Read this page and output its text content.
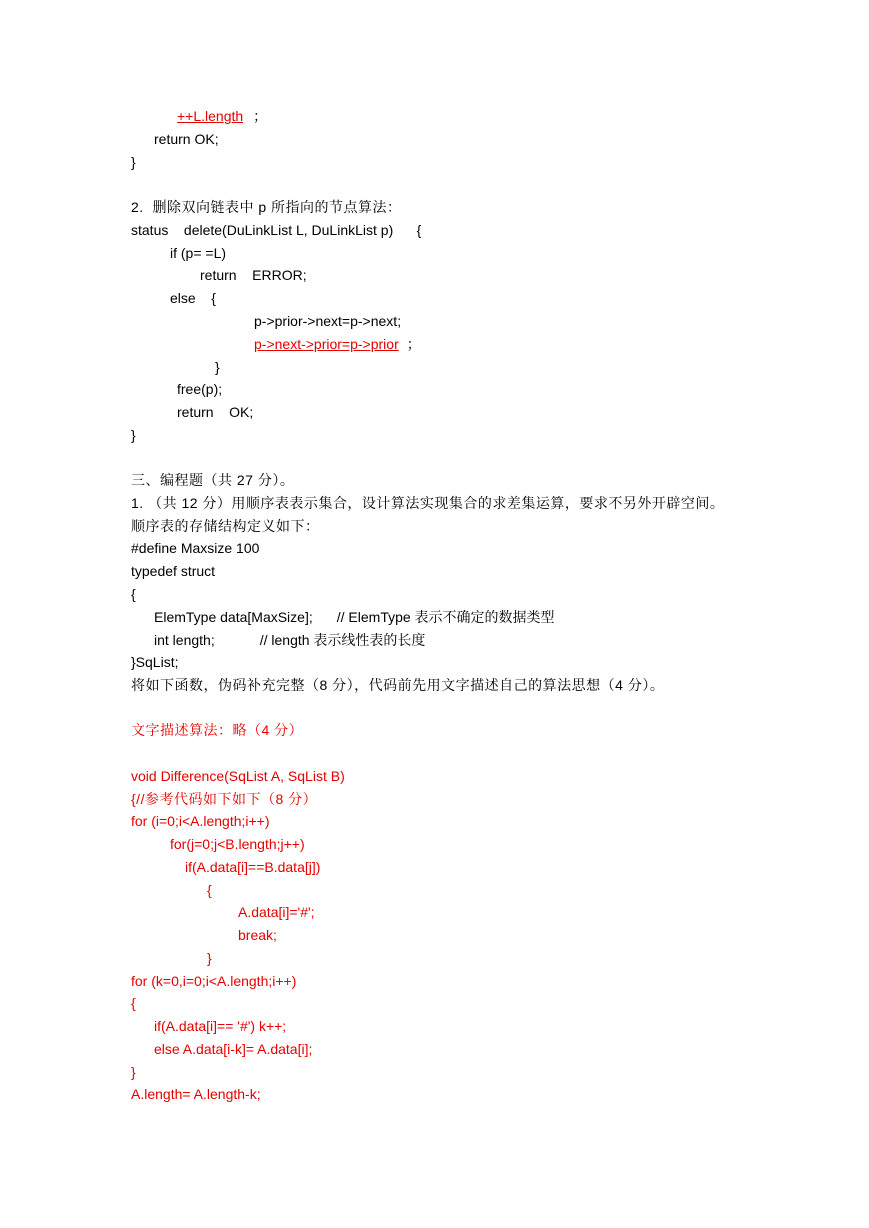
++L.length ；
return OK;
}
2.  删除双向链表中 p 所指向的节点算法：
status    delete(DuLinkList L, DuLinkList p)      {
if (p= =L)
return    ERROR;
else    {
p->prior->next=p->next;
p->next->prior=p->prior ；
}
free(p);
return    OK;
}
三、编程题（共 27 分）。
1. （共 12 分）用顺序表表示集合，设计算法实现集合的求差集运算，要求不另外开辟空间。
顺序表的存储结构定义如下：
#define Maxsize 100
typedef struct
{
ElemType data[MaxSize]; // ElemType 表示不确定的数据类型
int length;	// length 表示线性表的长度
}SqList;
将如下函数，伪码补充完整（8 分），代码前先用文字描述自己的算法思想（4 分）。
文字描述算法：略（4 分）
void Difference(SqList A, SqList B)
{//参考代码如下如下（8 分）
for (i=0;i<A.length;i++)
for(j=0;j<B.length;j++)
if(A.data[i]==B.data[j])
{
A.data[i]='#';
break;
}
for (k=0,i=0;i<A.length;i++)
{
if(A.data[i]== '#') k++;
else A.data[i-k]= A.data[i];
}
A.length= A.length-k;
